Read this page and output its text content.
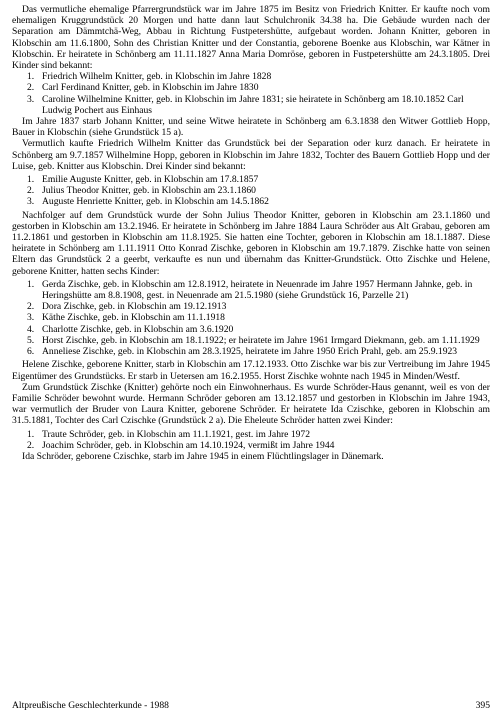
Das vermutliche ehemalige Pfarrergrundstück war im Jahre 1875 im Besitz von Friedrich Knitter. Er kaufte noch vom ehemaligen Kruggrundstück 20 Morgen und hatte dann laut Schulchronik 34.38 ha. Die Gebäude wurden nach der Separation am Dämmtchä-Weg, Abbau in Richtung Fustpetershütte, aufgebaut worden. Johann Knitter, geboren in Klobschin am 11.6.1800, Sohn des Christian Knitter und der Constantia, geborene Boenke aus Klobschin, war Kätner in Klobschin. Er heiratete in Schönberg am 11.11.1827 Anna Maria Domröse, geboren in Fustpetershütte am 24.3.1805. Drei Kinder sind bekannt:

1. Friedrich Wilhelm Knitter, geb. in Klobschin im Jahre 1828
2. Carl Ferdinand Knitter, geb. in Klobschin im Jahre 1830
3. Caroline Wilhelmine Knitter, geb. in Klobschin im Jahre 1831; sie heiratete in Schönberg am 18.10.1852 Carl Ludwig Pochert aus Einhaus

Im Jahre 1837 starb Johann Knitter, und seine Witwe heiratete in Schönberg am 6.3.1838 den Witwer Gottlieb Hopp, Bauer in Klobschin (siehe Grundstück 15 a).

Vermutlich kaufte Friedrich Wilhelm Knitter das Grundstück bei der Separation oder kurz danach. Er heiratete in Schönberg am 9.7.1857 Wilhelmine Hopp, geboren in Klobschin im Jahre 1832, Tochter des Bauern Gottlieb Hopp und der Luise, geb. Knitter aus Klobschin. Drei Kinder sind bekannt:

1. Emilie Auguste Knitter, geb. in Klobschin am 17.8.1857
2. Julius Theodor Knitter, geb. in Klobschin am 23.1.1860
3. Auguste Henriette Knitter, geb. in Klobschin am 14.5.1862

Nachfolger auf dem Grundstück wurde der Sohn Julius Theodor Knitter, geboren in Klobschin am 23.1.1860 und gestorben in Klobschin am 13.2.1946. Er heiratete in Schönberg im Jahre 1884 Laura Schröder aus Alt Grabau, geboren am 11.2.1861 und gestorben in Klobschin am 11.8.1925. Sie hatten eine Tochter, geboren in Klobschin am 18.1.1887. Diese heiratete in Schönberg am 1.11.1911 Otto Konrad Zischke, geboren in Klobschin am 19.7.1879. Zischke hatte von seinen Eltern das Grundstück 2 a geerbt, verkaufte es nun und übernahm das Knitter-Grundstück. Otto Zischke und Helene, geborene Knitter, hatten sechs Kinder:

1. Gerda Zischke, geb. in Klobschin am 12.8.1912, heiratete in Neuenrade im Jahre 1957 Hermann Jahnke, geb. in Heringshütte am 8.8.1908, gest. in Neuenrade am 21.5.1980 (siehe Grundstück 16, Parzelle 21)
2. Dora Zischke, geb. in Klobschin am 19.12.1913
3. Käthe Zischke, geb. in Klobschin am 11.1.1918
4. Charlotte Zischke, geb. in Klobschin am 3.6.1920
5. Horst Zischke, geb. in Klobschin am 18.1.1922; er heiratete im Jahre 1961 Irmgard Diekmann, geb. am 1.11.1929
6. Anneliese Zischke, geb. in Klobschin am 28.3.1925, heiratete im Jahre 1950 Erich Prahl, geb. am 25.9.1923

Helene Zischke, geborene Knitter, starb in Klobschin am 17.12.1933. Otto Zischke war bis zur Vertreibung im Jahre 1945 Eigentümer des Grundstücks. Er starb in Uetersen am 16.2.1955. Horst Zischke wohnte nach 1945 in Minden/Westf.

Zum Grundstück Zischke (Knitter) gehörte noch ein Einwohnerhaus. Es wurde Schröder-Haus genannt, weil es von der Familie Schröder bewohnt wurde. Hermann Schröder geboren am 13.12.1857 und gestorben in Klobschin im Jahre 1943, war vermutlich der Bruder von Laura Knitter, geborene Schröder. Er heiratete Ida Czischke, geboren in Klobschin am 31.5.1881, Tochter des Carl Czischke (Grundstück 2 a). Die Eheleute Schröder hatten zwei Kinder:

1. Traute Schröder, geb. in Klobschin am 11.1.1921, gest. im Jahre 1972
2. Joachim Schröder, geb. in Klobschin am 14.10.1924, vermißt im Jahre 1944

Ida Schröder, geborene Czischke, starb im Jahre 1945 in einem Flüchtlingslager in Dänemark.

Altpreußische Geschlechterkunde - 1988	395
